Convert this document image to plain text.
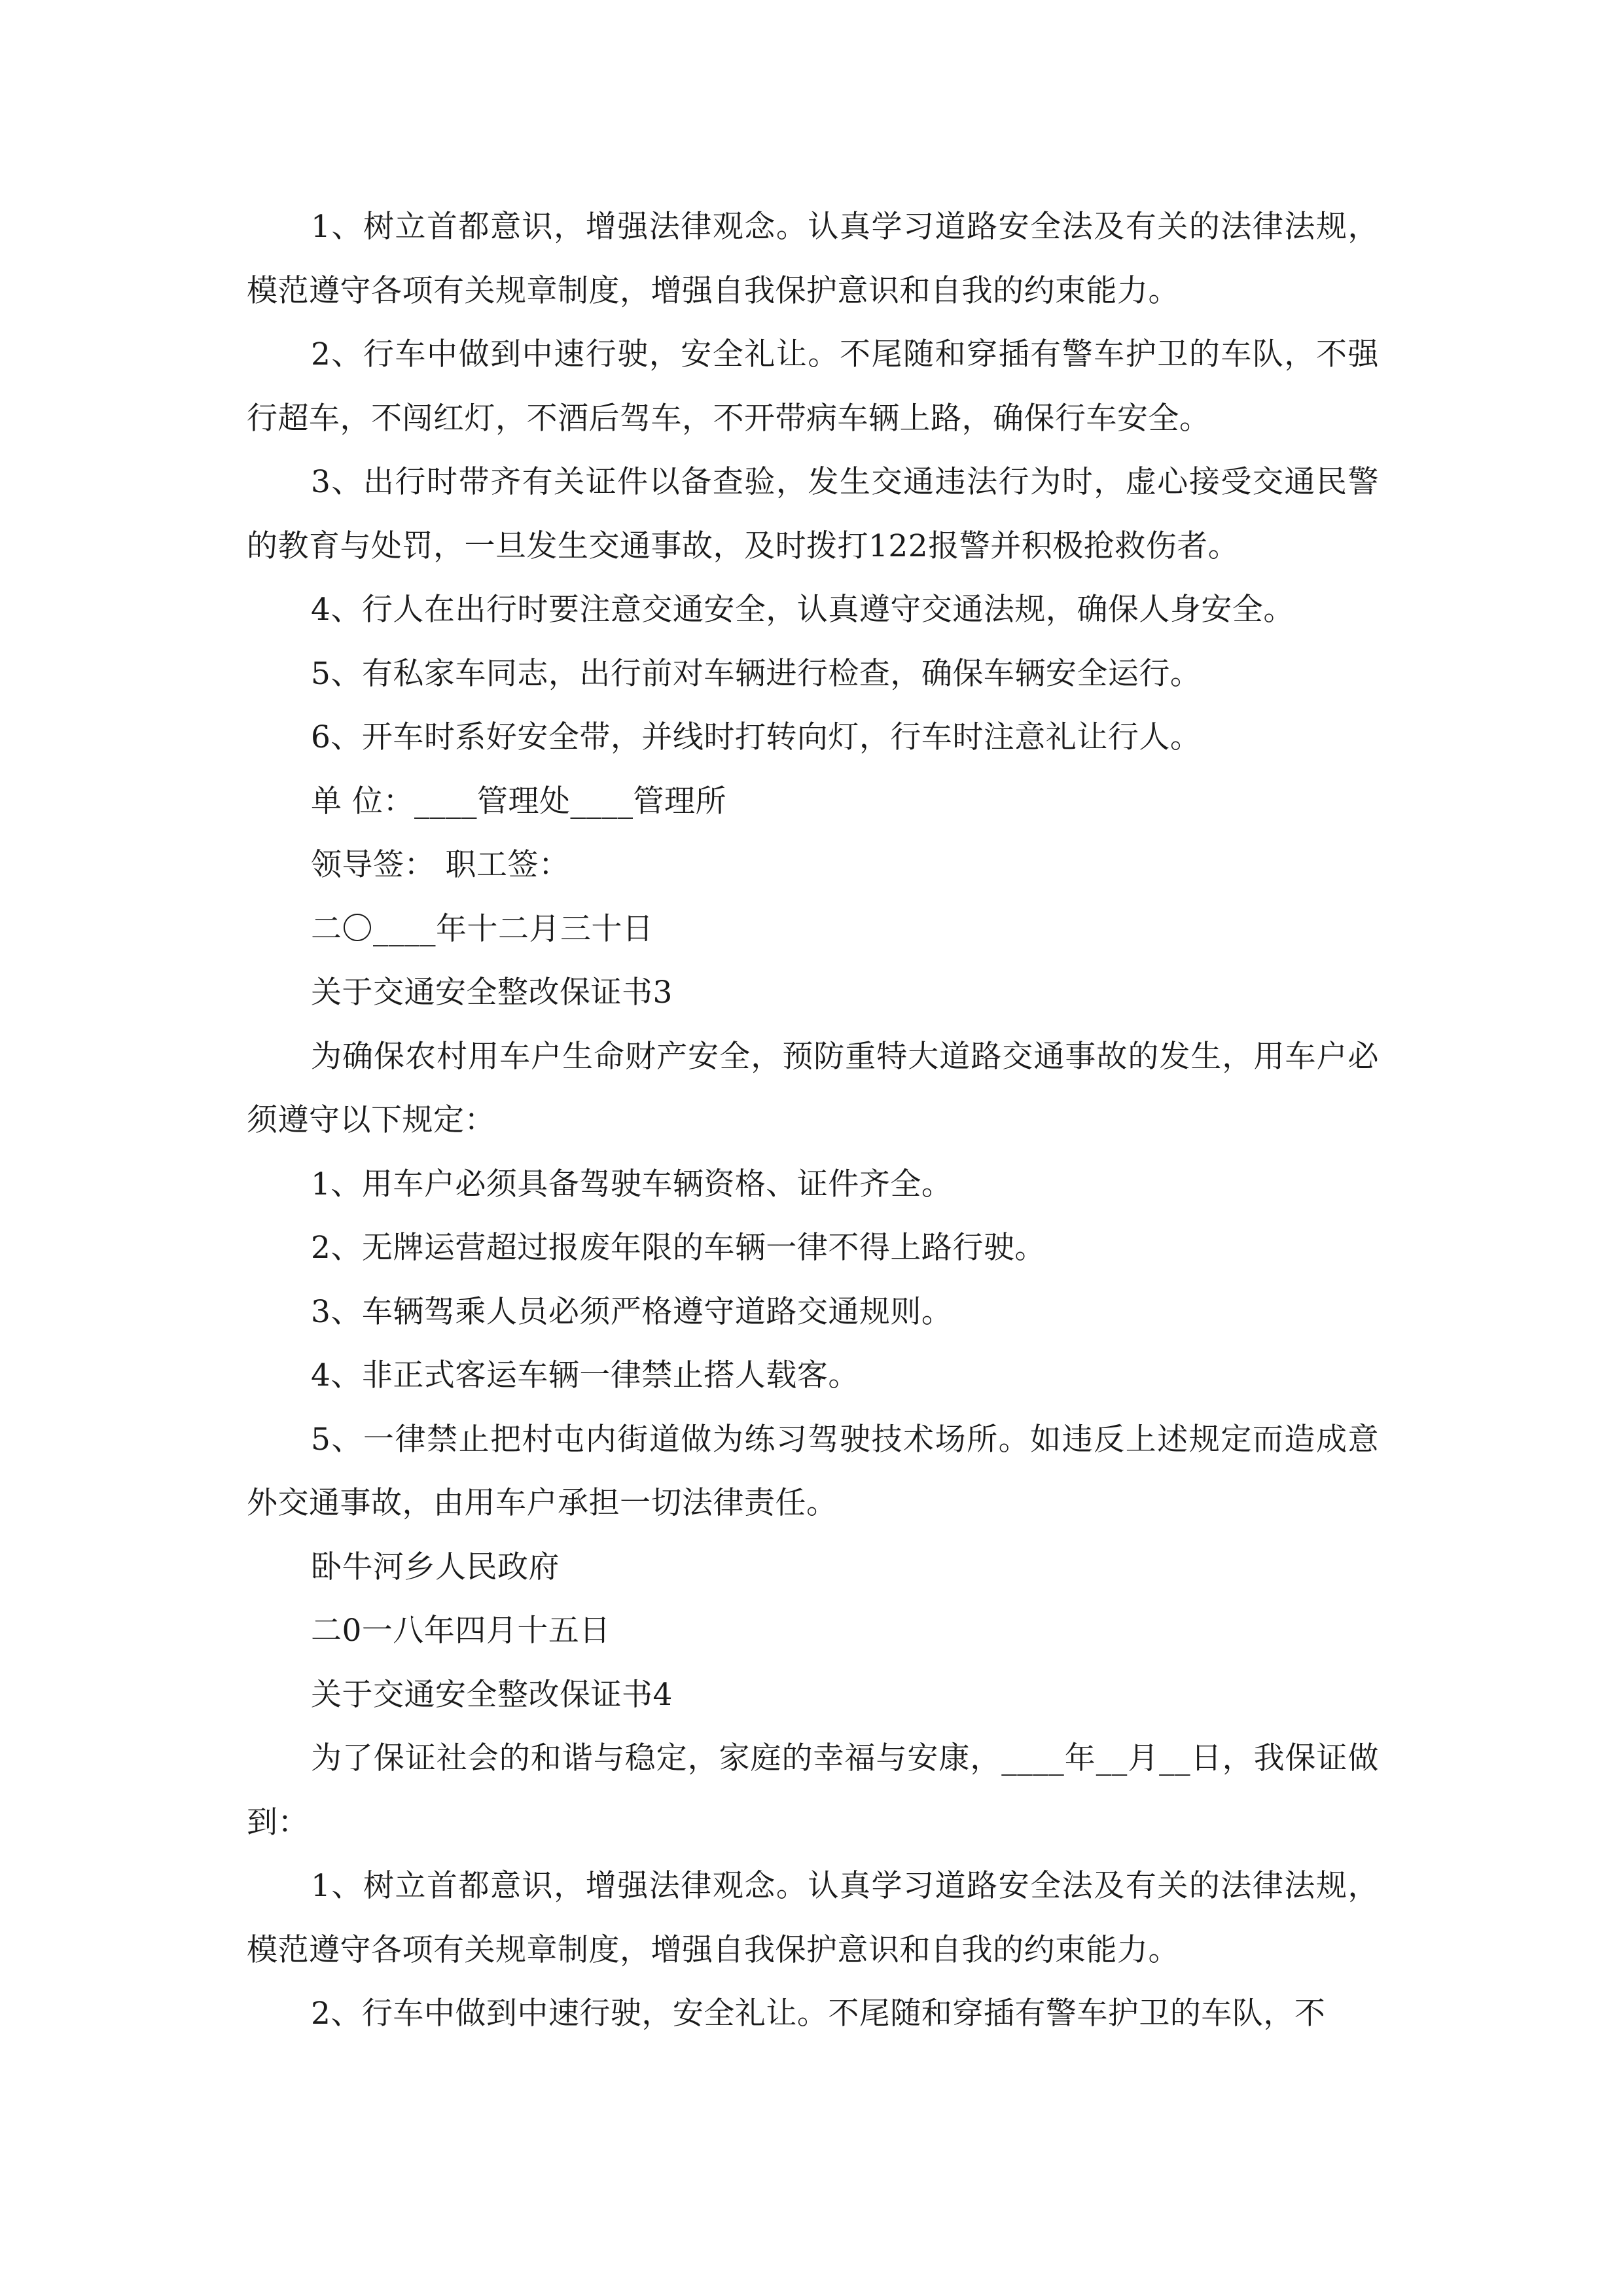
1、树立首都意识，增强法律观念。认真学习道路安全法及有关的法律法规，模范遵守各项有关规章制度，增强自我保护意识和自我的约束能力。

2、行车中做到中速行驶，安全礼让。不尾随和穿插有警车护卫的车队，不强行超车，不闯红灯，不酒后驾车，不开带病车辆上路，确保行车安全。

3、出行时带齐有关证件以备查验，发生交通违法行为时，虚心接受交通民警的教育与处罚，一旦发生交通事故，及时拨打122报警并积极抢救伤者。

4、行人在出行时要注意交通安全，认真遵守交通法规，确保人身安全。

5、有私家车同志，出行前对车辆进行检查，确保车辆安全运行。

6、开车时系好安全带，并线时打转向灯，行车时注意礼让行人。

单 位：____管理处____管理所

领导签： 职工签：

二〇____年十二月三十日

关于交通安全整改保证书3

为确保农村用车户生命财产安全，预防重特大道路交通事故的发生，用车户必须遵守以下规定：

1、用车户必须具备驾驶车辆资格、证件齐全。

2、无牌运营超过报废年限的车辆一律不得上路行驶。

3、车辆驾乘人员必须严格遵守道路交通规则。

4、非正式客运车辆一律禁止搭人载客。

5、一律禁止把村屯内街道做为练习驾驶技术场所。如违反上述规定而造成意外交通事故，由用车户承担一切法律责任。

卧牛河乡人民政府

二0一八年四月十五日

关于交通安全整改保证书4

为了保证社会的和谐与稳定，家庭的幸福与安康，____年__月__日，我保证做到：

1、树立首都意识，增强法律观念。认真学习道路安全法及有关的法律法规，模范遵守各项有关规章制度，增强自我保护意识和自我的约束能力。

2、行车中做到中速行驶，安全礼让。不尾随和穿插有警车护卫的车队，不
